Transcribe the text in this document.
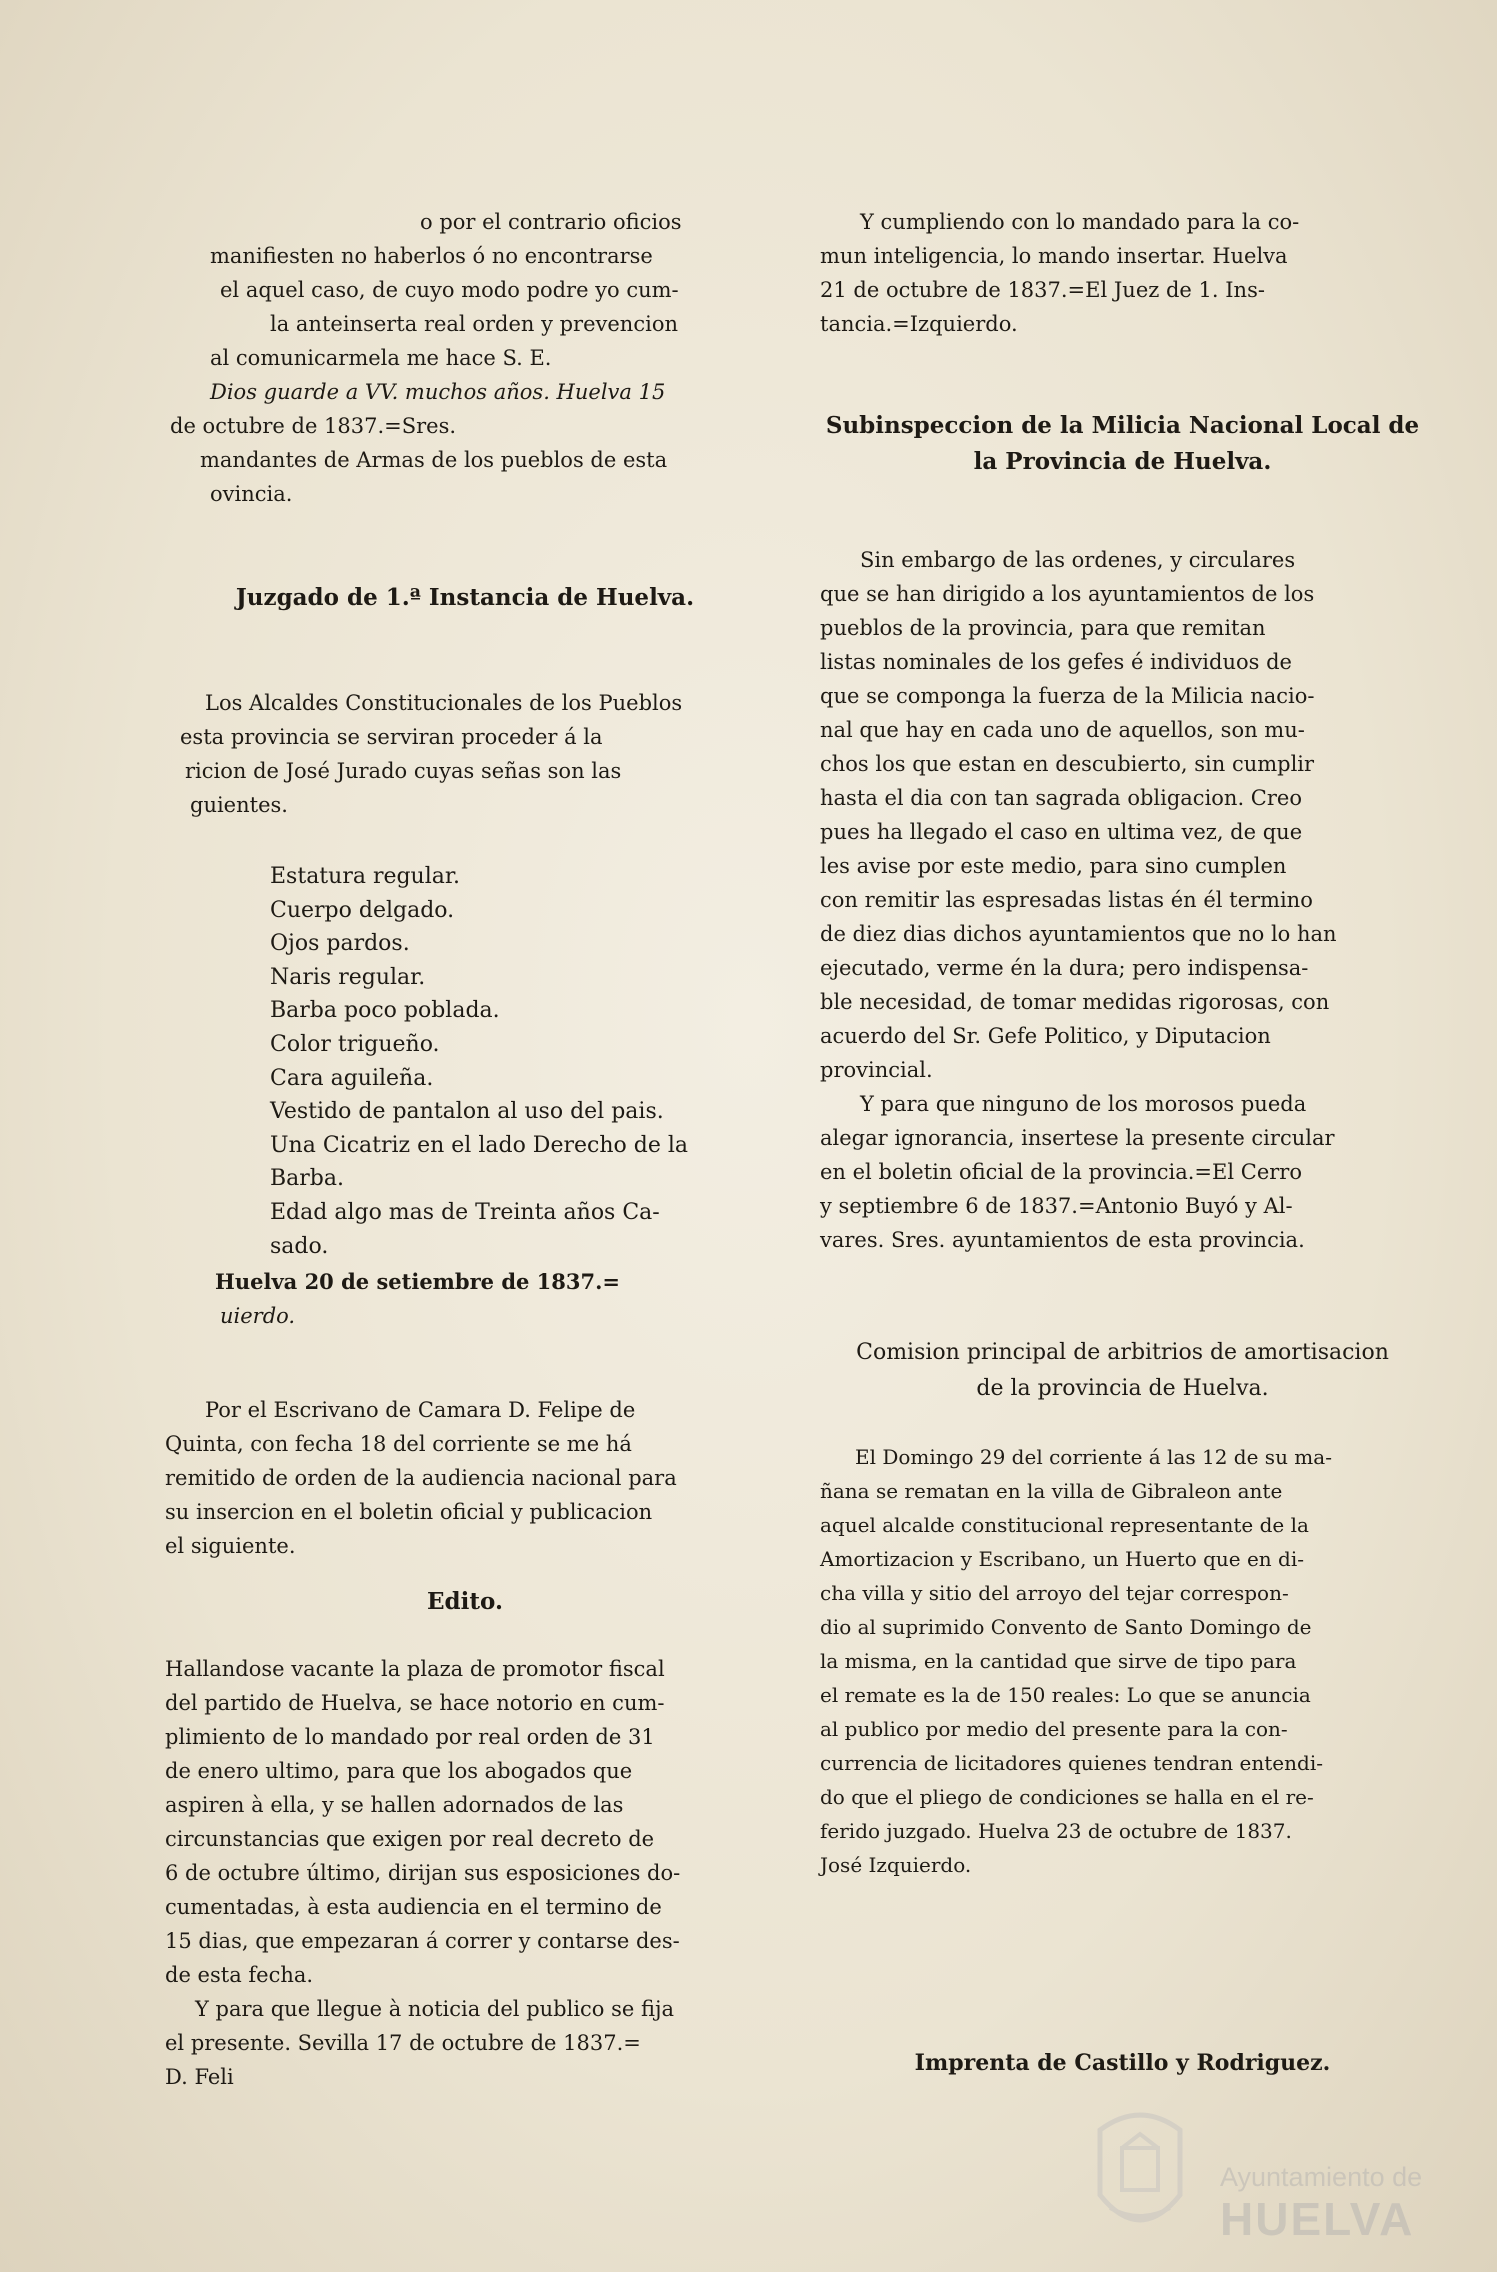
o por el contrario oficios

manifiesten no haberlos ó no encontrarse

el aquel caso, de cuyo modo podre yo cum-

la anteinserta real orden y prevencion

al comunicarmela me hace S. E.

Dios guarde a VV. muchos años. Huelva 15

de octubre de 1837.=Sres.

mandantes de Armas de los pueblos de esta

ovincia.

Juzgado de 1.ª Instancia de Huelva.

Los Alcaldes Constitucionales de los Pueblos

esta provincia se serviran proceder á la

ricion de José Jurado cuyas señas son las

guientes.

Estatura regular.
Cuerpo delgado.
Ojos pardos.
Naris regular.
Barba poco poblada.
Color trigueño.
Cara aguileña.
Vestido de pantalon al uso del pais.
Una Cicatriz en el lado Derecho de la
Barba.
Edad algo mas de Treinta años Ca-
sado.

Huelva 20 de setiembre de 1837.=

uierdo.

Por el Escrivano de Camara D. Felipe de

Quinta, con fecha 18 del corriente se me há

remitido de orden de la audiencia nacional para

su insercion en el boletin oficial y publicacion

el siguiente.

Edito.

Hallandose vacante la plaza de promotor fiscal

del partido de Huelva, se hace notorio en cum-

plimiento de lo mandado por real orden de 31

de enero ultimo, para que los abogados que

aspiren à ella, y se hallen adornados de las

circunstancias que exigen por real decreto de

6 de octubre último, dirijan sus esposiciones do-

cumentadas, à esta audiencia en el termino de

15 dias, que empezaran á correr y contarse des-

de esta fecha.

Y para que llegue à noticia del publico se fija

el presente. Sevilla 17 de octubre de 1837.=

D. Feli

Y cumpliendo con lo mandado para la co-

mun inteligencia, lo mando insertar. Huelva

21 de octubre de 1837.=El Juez de 1. Ins-

tancia.=Izquierdo.

Subinspeccion de la Milicia Nacional Local de

la Provincia de Huelva.

Sin embargo de las ordenes, y circulares

que se han dirigido a los ayuntamientos de los

pueblos de la provincia, para que remitan

listas nominales de los gefes é individuos de

que se componga la fuerza de la Milicia nacio-

nal que hay en cada uno de aquellos, son mu-

chos los que estan en descubierto, sin cumplir

hasta el dia con tan sagrada obligacion. Creo

pues ha llegado el caso en ultima vez, de que

les avise por este medio, para sino cumplen

con remitir las espresadas listas én él termino

de diez dias dichos ayuntamientos que no lo han

ejecutado, verme én la dura; pero indispensa-

ble necesidad, de tomar medidas rigorosas, con

acuerdo del Sr. Gefe Politico, y Diputacion

provincial.

Y para que ninguno de los morosos pueda

alegar ignorancia, insertese la presente circular

en el boletin oficial de la provincia.=El Cerro

y septiembre 6 de 1837.=Antonio Buyó y Al-

vares. Sres. ayuntamientos de esta provincia.

Comision principal de arbitrios de amortisacion

de la provincia de Huelva.

El Domingo 29 del corriente á las 12 de su ma-

ñana se rematan en la villa de Gibraleon ante

aquel alcalde constitucional representante de la

Amortizacion y Escribano, un Huerto que en di-

cha villa y sitio del arroyo del tejar correspon-

dio al suprimido Convento de Santo Domingo de

la misma, en la cantidad que sirve de tipo para

el remate es la de 150 reales: Lo que se anuncia

al publico por medio del presente para la con-

currencia de licitadores quienes tendran entendi-

do que el pliego de condiciones se halla en el re-

ferido juzgado. Huelva 23 de octubre de 1837.

José Izquierdo.

Imprenta de Castillo y Rodriguez.
Ayuntamiento de
HUELVA
